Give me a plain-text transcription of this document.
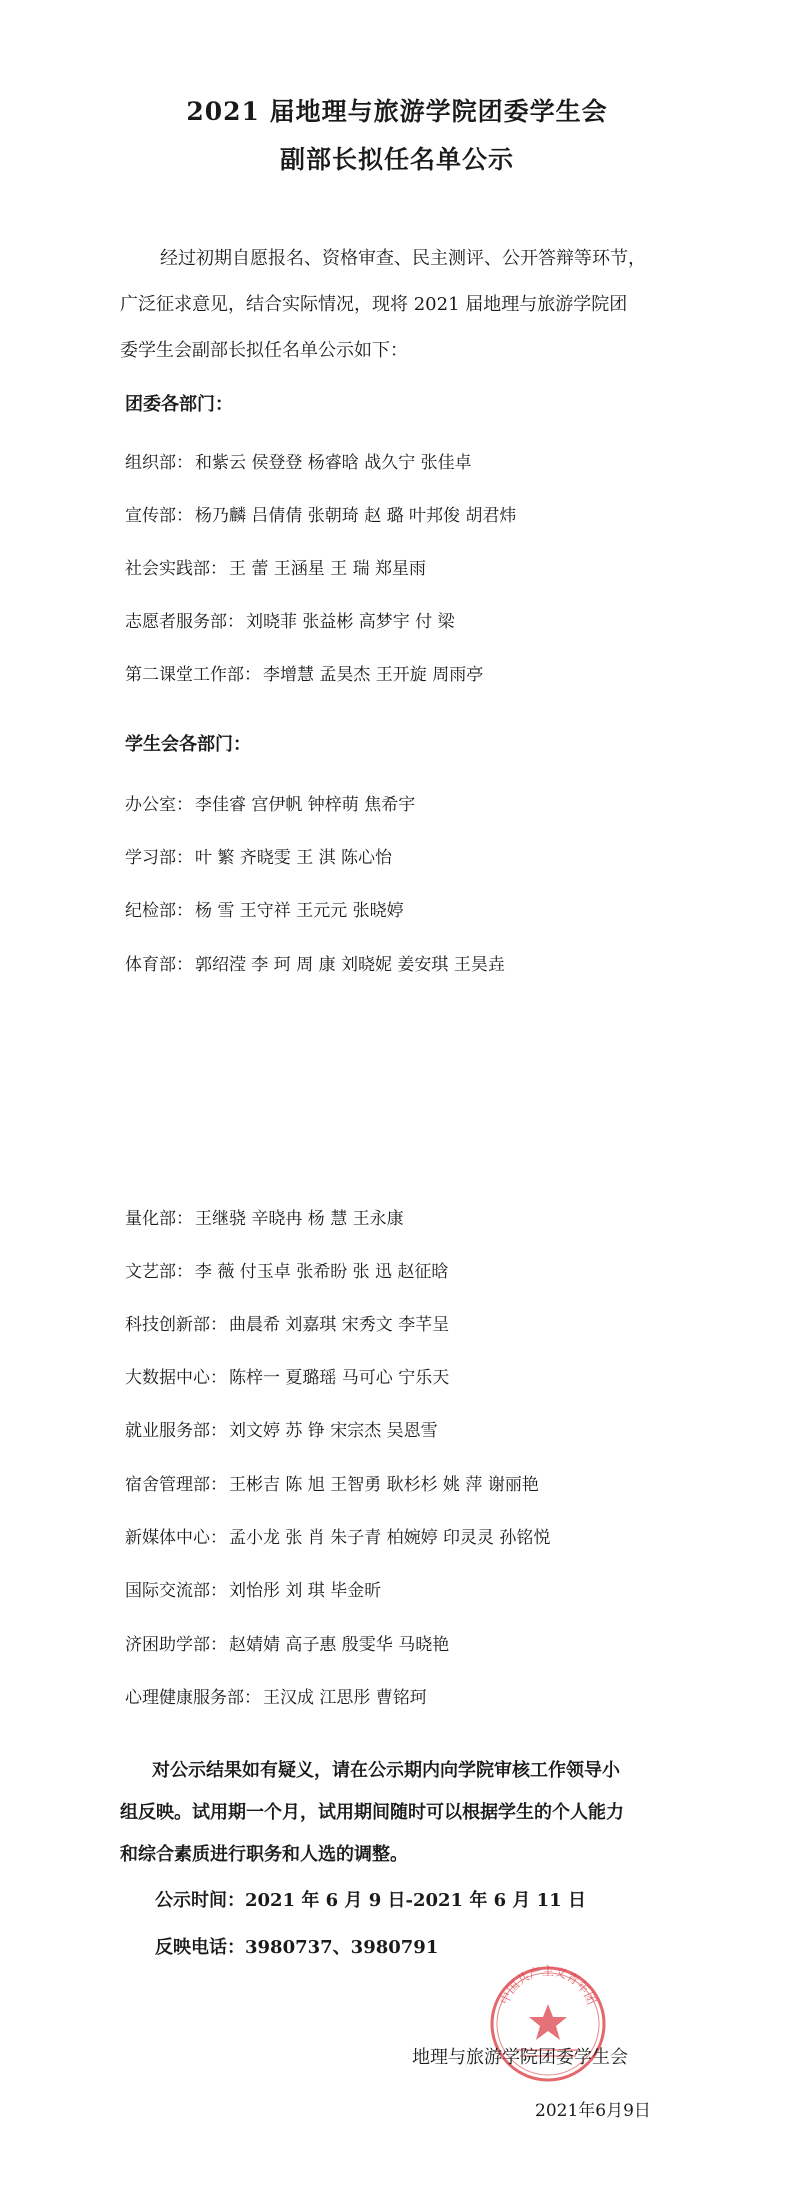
2021 届地理与旅游学院团委学生会
副部长拟任名单公示
经过初期自愿报名、资格审查、民主测评、公开答辩等环节，
广泛征求意见，结合实际情况，现将 2021 届地理与旅游学院团
委学生会副部长拟任名单公示如下：
团委各部门：
组织部： 和紫云 侯登登 杨睿晗 战久宁 张佳卓
宣传部： 杨乃麟 吕倩倩 张朝琦 赵 璐 叶邦俊 胡君炜
社会实践部： 王 蕾 王涵星 王 瑞 郑星雨
志愿者服务部： 刘晓菲 张益彬 高梦宇 付 梁
第二课堂工作部： 李增慧 孟昊杰 王开旋 周雨亭
学生会各部门：
办公室： 李佳睿 宫伊帆 钟梓萌 焦希宇
学习部： 叶 繁 齐晓雯 王 淇 陈心怡
纪检部： 杨 雪 王守祥 王元元 张晓婷
体育部： 郭绍滢 李 珂 周 康 刘晓妮 姜安琪 王昊垚
量化部： 王继骁 辛晓冉 杨 慧 王永康
文艺部： 李 薇 付玉卓 张希盼 张 迅 赵征晗
科技创新部： 曲晨希 刘嘉琪 宋秀文 李芊呈
大数据中心： 陈梓一 夏璐瑶 马可心 宁乐天
就业服务部： 刘文婷 苏 铮 宋宗杰 吴恩雪
宿舍管理部： 王彬吉 陈 旭 王智勇 耿杉杉 姚 萍 谢丽艳
新媒体中心： 孟小龙 张 肖 朱子青 柏婉婷 印灵灵 孙铭悦
国际交流部： 刘怡彤 刘 琪 毕金昕
济困助学部： 赵婧婧 高子惠 殷雯华 马晓艳
心理健康服务部： 王汉成 江思彤 曹铭珂
对公示结果如有疑义，请在公示期内向学院审核工作领导小
组反映。试用期一个月，试用期间随时可以根据学生的个人能力
和综合素质进行职务和人选的调整。
公示时间：2021 年 6 月 9 日-2021 年 6 月 11 日
反映电话：3980737、3980791
中国共产主义青年团
地理与旅游学院团委学生会
2021年6月9日
